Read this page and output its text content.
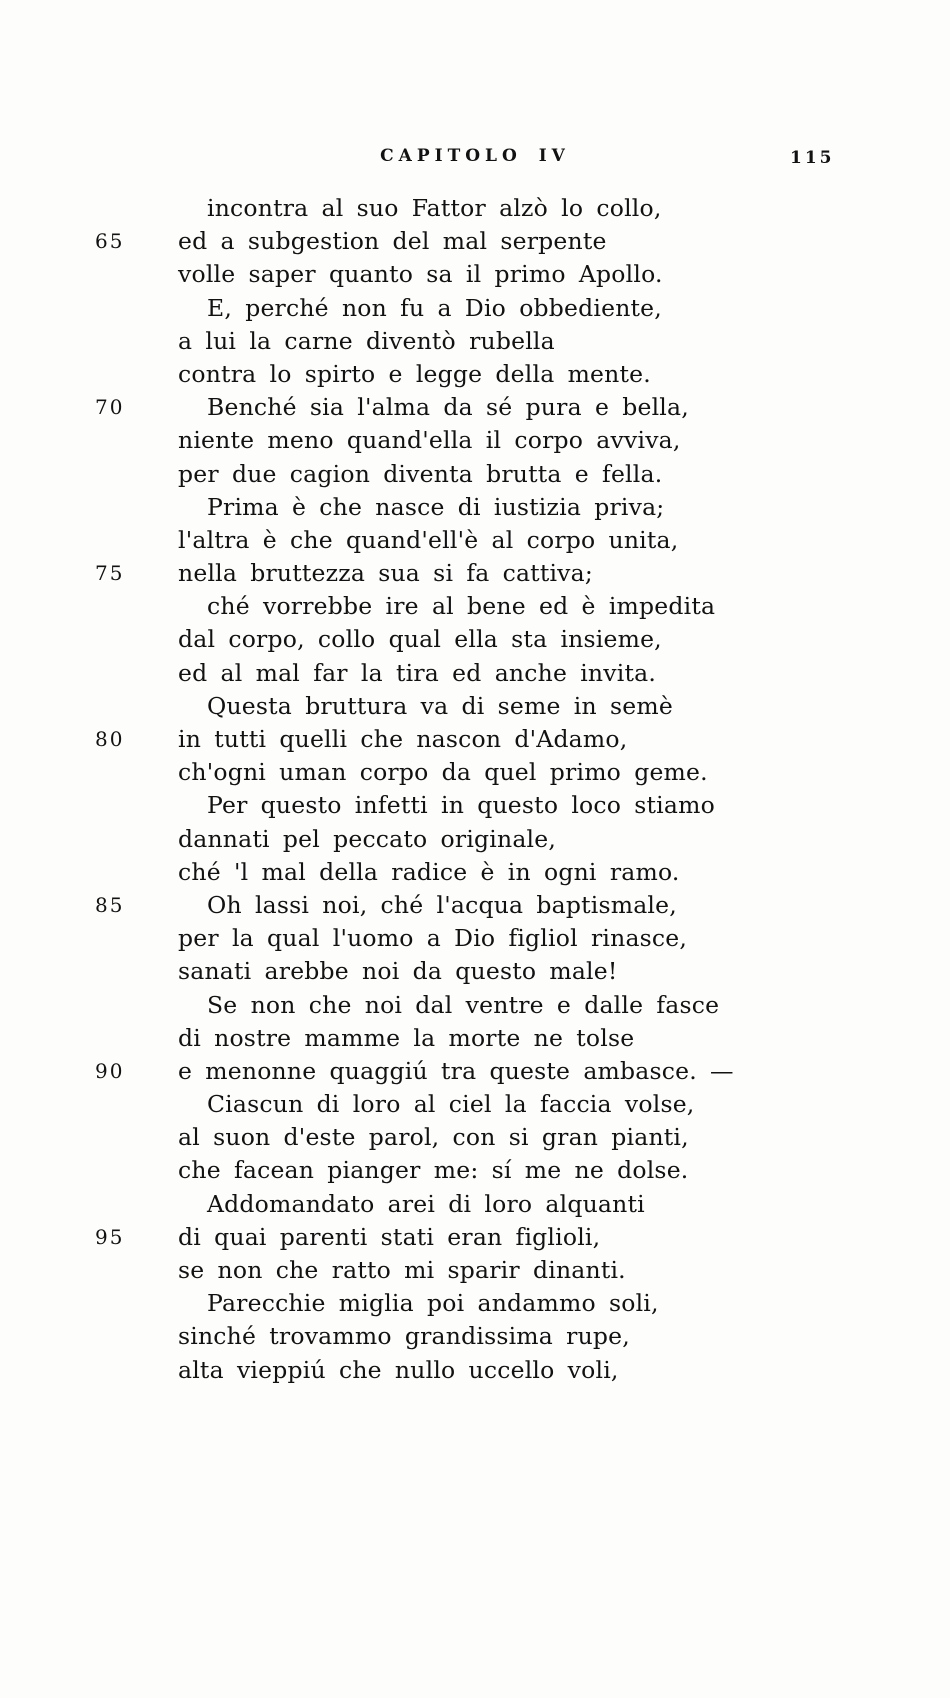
CAPITOLO IV	115
incontra al suo Fattor alzò lo collo,
65 ed a subgestion del mal serpente
volle saper quanto sa il primo Apollo.
E, perché non fu a Dio obbediente,
a lui la carne diventò rubella
contra lo spirto e legge della mente.
70	Benché sia l'alma da sé pura e bella,
niente meno quand'ella il corpo avviva,
per due cagion diventa brutta e fella.
Prima è che nasce di iustizia priva;
l'altra è che quand'ell'è al corpo unita,
75 nella bruttezza sua si fa cattiva;
ché vorrebbe ire al bene ed è impedita
dal corpo, collo qual ella sta insieme,
ed al mal far la tira ed anche invita.
Questa bruttura va di seme in semè
80 in tutti quelli che nascon d'Adamo,
ch'ogni uman corpo da quel primo geme.
Per questo infetti in questo loco stiamo
dannati pel peccato originale,
ché 'l mal della radice è in ogni ramo.
85	Oh lassi noi, ché l'acqua baptismale,
per la qual l'uomo a Dio figliol rinasce,
sanati arebbe noi da questo male!
Se non che noi dal ventre e dalle fasce
di nostre mamme la morte ne tolse
90 e menonne quaggiú tra queste ambasce. —
Ciascun di loro al ciel la faccia volse,
al suon d'este parol, con si gran pianti,
che facean pianger me: sí me ne dolse.
Addomandato arei di loro alquanti
95 di quai parenti stati eran figlioli,
se non che ratto mi sparir dinanti.
Parecchie miglia poi andammo soli,
sinché trovammo grandissima rupe,
alta vieppiú che nullo uccello voli,
